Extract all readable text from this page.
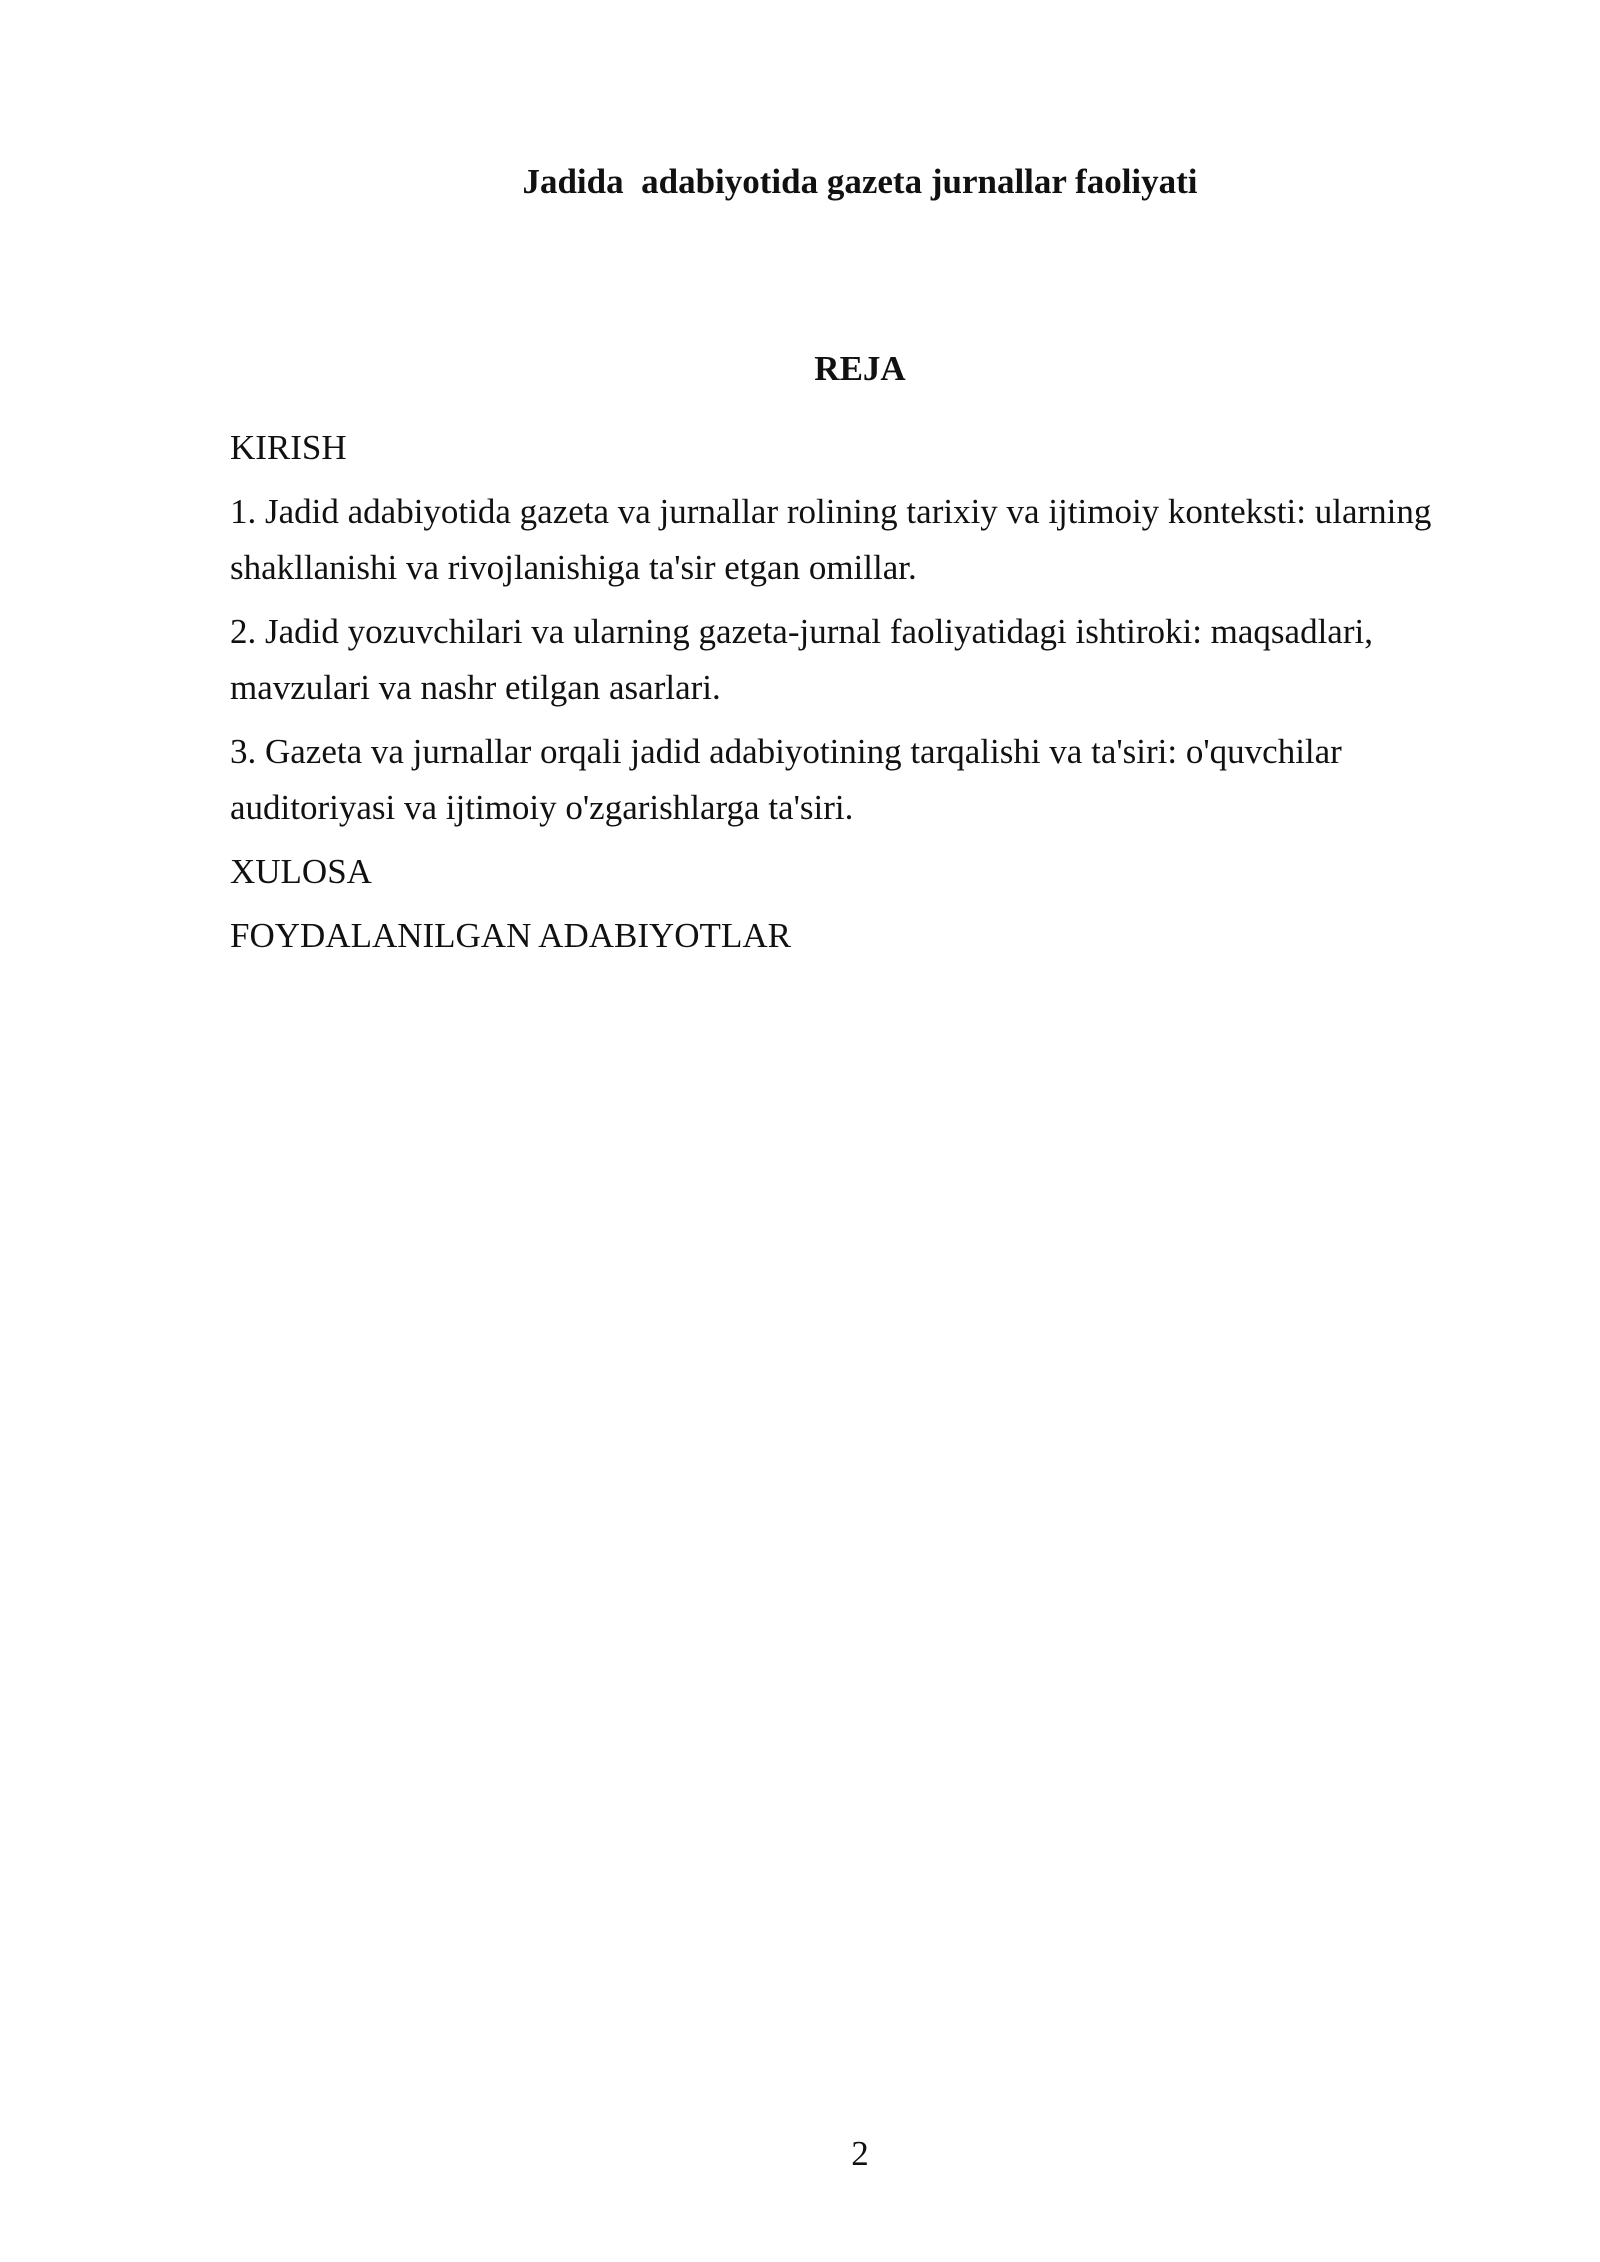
Jadida  adabiyotida gazeta jurnallar faoliyati
REJA

KIRISH

1. Jadid adabiyotida gazeta va jurnallar rolining tarixiy va ijtimoiy konteksti: ularning shakllanishi va rivojlanishiga ta'sir etgan omillar.

2. Jadid yozuvchilari va ularning gazeta-jurnal faoliyatidagi ishtiroki: maqsadlari, mavzulari va nashr etilgan asarlari.

3. Gazeta va jurnallar orqali jadid adabiyotining tarqalishi va ta'siri: o'quvchilar auditoriyasi va ijtimoiy o'zgarishlarga ta'siri.

XULOSA

FOYDALANILGAN ADABIYOTLAR

2
